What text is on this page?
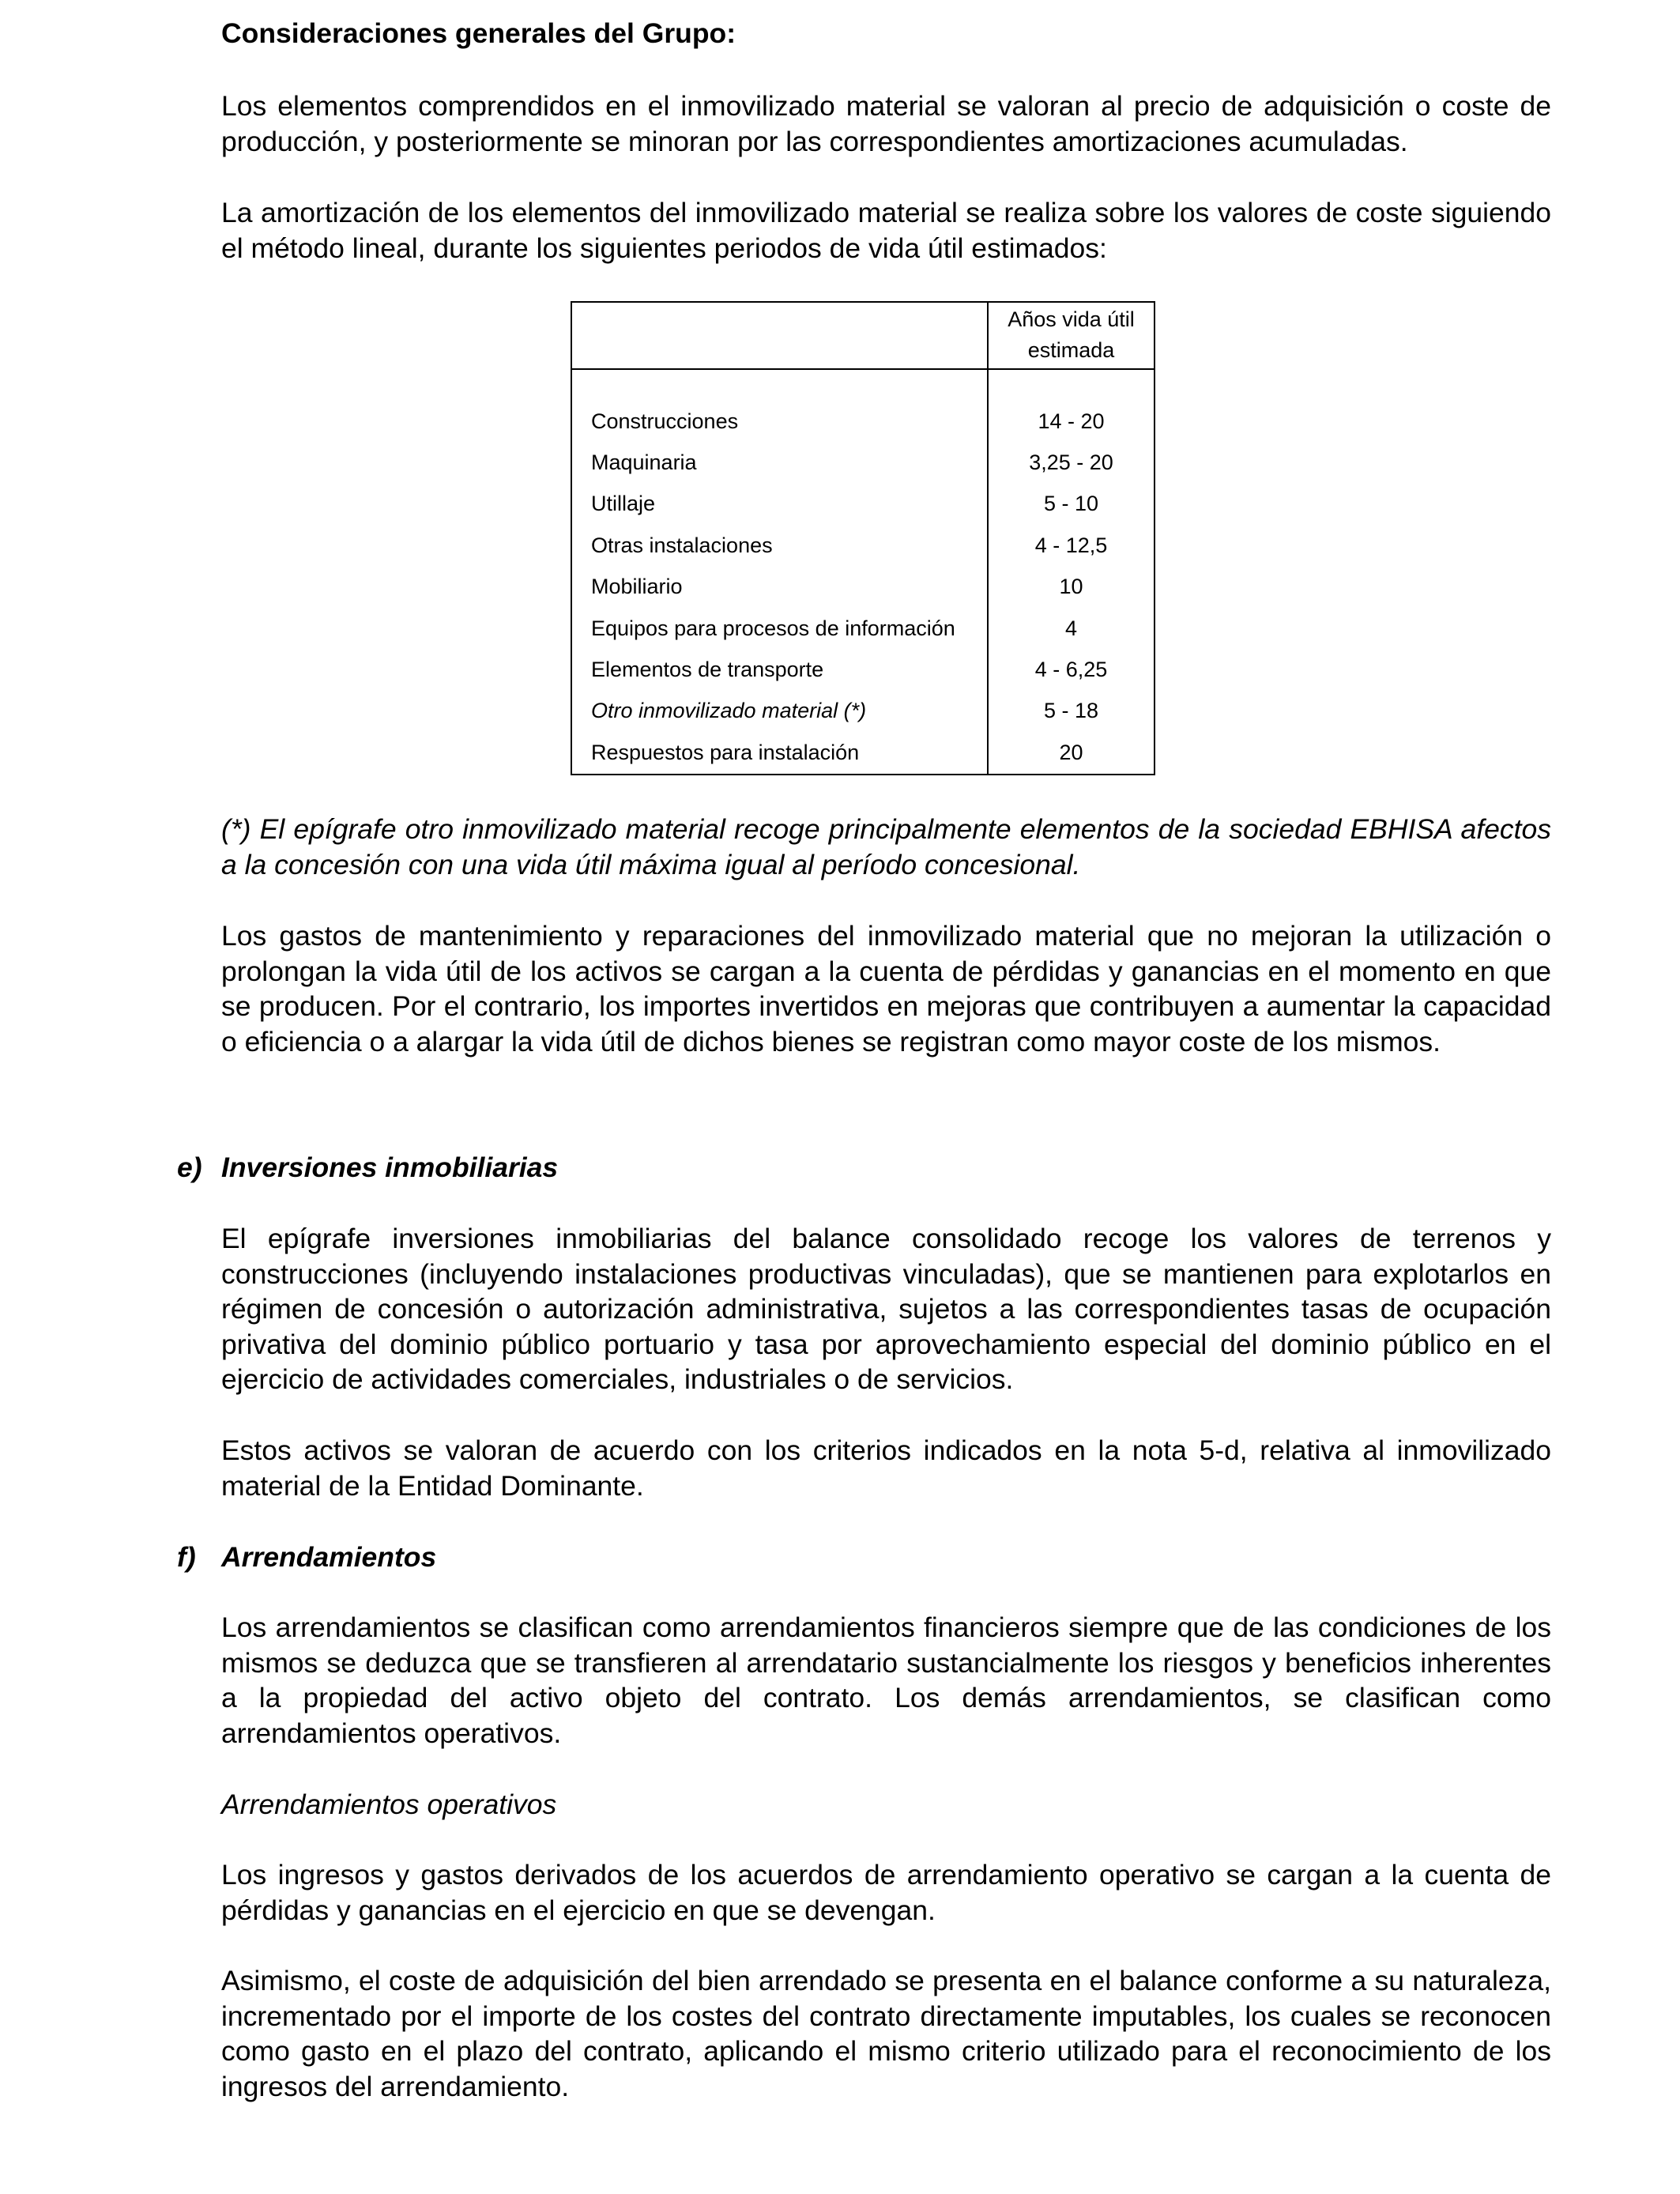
Consideraciones generales del Grupo:

Los elementos comprendidos en el inmovilizado material se valoran al precio de adquisición o coste de producción, y posteriormente se minoran por las correspondientes amortizaciones acumuladas.

La amortización de los elementos del inmovilizado material se realiza sobre los valores de coste siguiendo el método lineal, durante los siguientes periodos de vida útil estimados:

Años vida útil
estimada
Construcciones	14 - 20
Maquinaria	3,25 - 20
Utillaje	5 - 10
Otras instalaciones	4 - 12,5
Mobiliario	10
Equipos para procesos de información	4
Elementos de transporte	4 - 6,25
Otro inmovilizado material (*)	5 - 18
Respuestos para instalación	20

(*) El epígrafe otro inmovilizado material recoge principalmente elementos de la sociedad EBHISA afectos a la concesión con una vida útil máxima igual al período concesional.

Los gastos de mantenimiento y reparaciones del inmovilizado material que no mejoran la utilización o prolongan la vida útil de los activos se cargan a la cuenta de pérdidas y ganancias en el momento en que se producen. Por el contrario, los importes invertidos en mejoras que contribuyen a aumentar la capacidad o eficiencia o a alargar la vida útil de dichos bienes se registran como mayor coste de los mismos.

e) Inversiones inmobiliarias

El epígrafe inversiones inmobiliarias del balance consolidado recoge los valores de terrenos y construcciones (incluyendo instalaciones productivas vinculadas), que se mantienen para explotarlos en régimen de concesión o autorización administrativa, sujetos a las correspondientes tasas de ocupación privativa del dominio público portuario y tasa por aprovechamiento especial del dominio público en el ejercicio de actividades comerciales, industriales o de servicios.

Estos activos se valoran de acuerdo con los criterios indicados en la nota 5-d, relativa al inmovilizado material de la Entidad Dominante.

f) Arrendamientos

Los arrendamientos se clasifican como arrendamientos financieros siempre que de las condiciones de los mismos se deduzca que se transfieren al arrendatario sustancialmente los riesgos y beneficios inherentes a la propiedad del activo objeto del contrato. Los demás arrendamientos, se clasifican como arrendamientos operativos.

Arrendamientos operativos

Los ingresos y gastos derivados de los acuerdos de arrendamiento operativo se cargan a la cuenta de pérdidas y ganancias en el ejercicio en que se devengan.

Asimismo, el coste de adquisición del bien arrendado se presenta en el balance conforme a su naturaleza, incrementado por el importe de los costes del contrato directamente imputables, los cuales se reconocen como gasto en el plazo del contrato, aplicando el mismo criterio utilizado para el reconocimiento de los ingresos del arrendamiento.
